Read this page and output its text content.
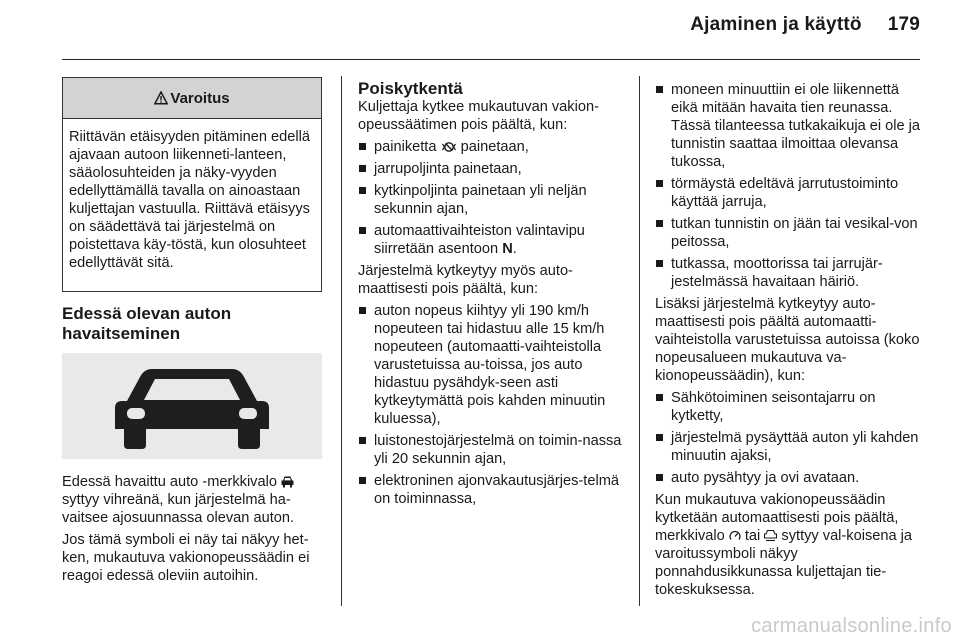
Ajaminen ja käyttö 179
Varoitus
Riittävän etäisyyden pitäminen edellä ajavaan autoon liikenneti-lanteen, sääolosuhteiden ja näky-vyyden edellyttämällä tavalla on ainoastaan kuljettajan vastuulla. Riittävä etäisyys on säädettävä tai järjestelmä on poistettava käy-töstä, kun olosuhteet edellyttävät sitä.
Edessä olevan auton
havaitseminen

Edessä havaittu auto -merkkivalo  syttyy vihreänä, kun järjestelmä ha-vaitsee ajosuunnassa olevan auton.

Jos tämä symboli ei näy tai näkyy het-ken, mukautuva vakionopeussäädin ei reagoi edessä oleviin autoihin.

Poiskytkentä

Kuljettaja kytkee mukautuvan vakion-opeussäätimen pois päältä, kun:

painiketta painetaan,
jarrupoljinta painetaan,
kytkinpoljinta painetaan yli neljän sekunnin ajan,
automaattivaihteiston valintavipu siirretään asentoon N.

Järjestelmä kytkeytyy myös auto-maattisesti pois päältä, kun:

auton nopeus kiihtyy yli 190 km/h nopeuteen tai hidastuu alle 15 km/h nopeuteen (automaatti-vaihteistolla varustetuissa au-toissa, jos auto hidastuu pysähdyk-seen asti kytkeytymättä pois kahden minuutin kuluessa),
luistonestojärjestelmä on toimin-nassa yli 20 sekunnin ajan,
elektroninen ajonvakautusjärjes-telmä on toiminnassa,
moneen minuuttiin ei ole liikennettä eikä mitään havaita tien reunassa. Tässä tilanteessa tutkakaikuja ei ole ja tunnistin saattaa ilmoittaa olevansa tukossa,
törmäystä edeltävä jarrutustoiminto käyttää jarruja,
tutkan tunnistin on jään tai vesikal-von peitossa,
tutkassa, moottorissa tai jarrujär-jestelmässä havaitaan häiriö.

Lisäksi järjestelmä kytkeytyy auto-maattisesti pois päältä automaatti-vaihteistolla varustetuissa autoissa (koko nopeusalueen mukautuva va-kionopeussäädin), kun:

Sähkötoiminen seisontajarru on kytketty,
järjestelmä pysäyttää auton yli kahden minuutin ajaksi,
auto pysähtyy ja ovi avataan.

Kun mukautuva vakionopeussäädin kytketään automaattisesti pois päältä, merkkivalo tai syttyy val-koisena ja varoitussymboli näkyy ponnahdusikkunassa kuljettajan tie-tokeskuksessa.

carmanualsonline.info
